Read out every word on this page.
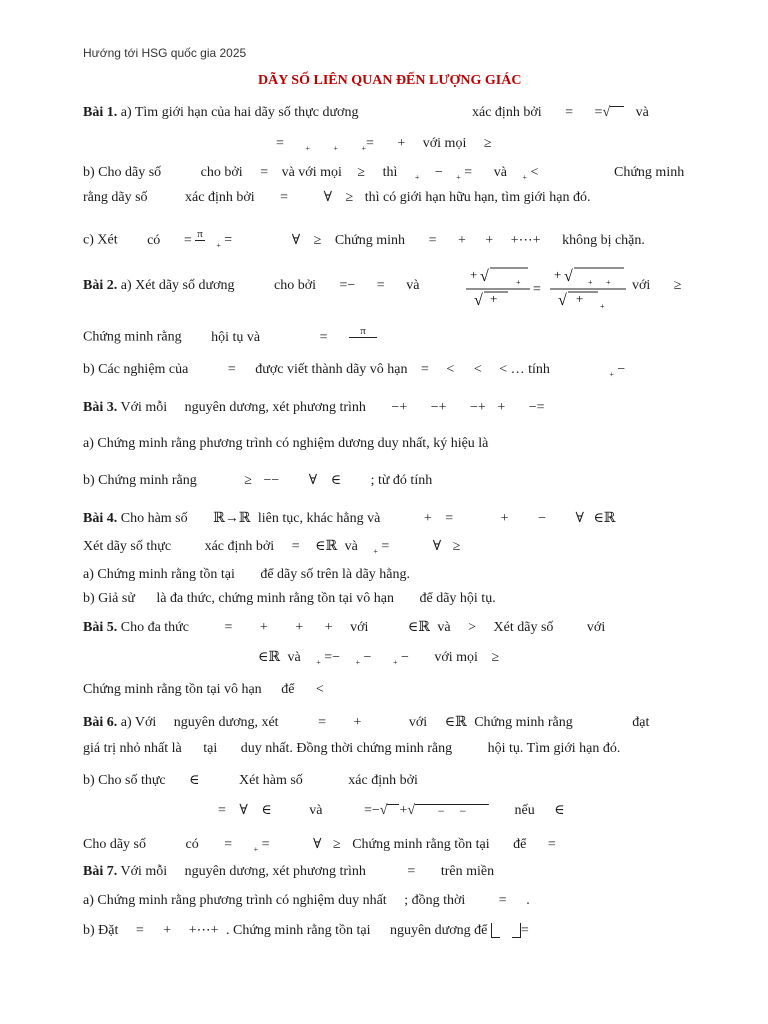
Hướng tới HSG quốc gia 2025
DÃY SỐ LIÊN QUAN ĐẾN LƯỢNG GIÁC
Bài 1. a) Tìm giới hạn của hai dãy số thực dương	xác định bởi = =√ và
=	$_+$	$_+$	$_+$= + với mọi ≥
b) Cho dãy số	cho bởi = và với mọi ≥ thì $_+$ − $_+$ = và $_+$ <	Chứng minh
rằng dãy số	xác định bởi =	∀ ≥ thì có giới hạn hữu hạn, tìm giới hạn đó.
c) Xét có = π

$_+$ =	∀ ≥ Chứng minh = + + +⋯+ không bị chặn.
Bài 2. a) Xét dãy số dương	cho bởi =− = và
+ √	+
√ +
=
+ √ + +
√ +
+
với ≥
Chứng minh rằng hội tụ và	=	π

b) Các nghiệm của	= được viết thành dãy vô hạn = < < < … tính	$_+$ −
Bài 3. Với mỗi nguyên dương, xét phương trình −+ −+ −+ + −=
a) Chứng minh rằng phương trình có nghiệm dương duy nhất, ký hiệu là
b) Chứng minh rằng	≥ −− ∀ ∈ ; từ đó tính
Bài 4. Cho hàm số ℝ→ℝ liên tục, khác hằng và	+ =	+ − ∀ ∈ℝ
Xét dãy số thực xác định bởi = ∈ℝ và $_+$ =	∀ ≥
a) Chứng minh rằng tồn tại để dãy số trên là dãy hằng.
b) Giả sử là đa thức, chứng minh rằng tồn tại vô hạn để dãy hội tụ.
Bài 5. Cho đa thức	= + + + với	∈ℝ và > Xét dãy số với
∈ℝ và $_+$ =− $_+$ −	$_+$ − với mọi ≥
Chứng minh rằng tồn tại vô hạn để <
Bài 6. a) Với nguyên dương, xét	= +	với ∈ℝ Chứng minh rằng	đạt
giá trị nhỏ nhất là tại duy nhất. Đồng thời chứng minh rằng	hội tụ. Tìm giới hạn đó.
b) Cho số thực ∈	Xét hàm số	xác định bởi
= ∀ ∈	và	=−√ +√ − −	nếu ∈
Cho dãy số	có =	$_+$ =	∀ ≥ Chứng minh rằng tồn tại để =
Bài 7. Với mỗi nguyên dương, xét phương trình	= trên miền
a) Chứng minh rằng phương trình có nghiệm duy nhất ; đồng thời = .
b) Đặt = + +⋯+ . Chứng minh rằng tồn tại nguyên dương để =
